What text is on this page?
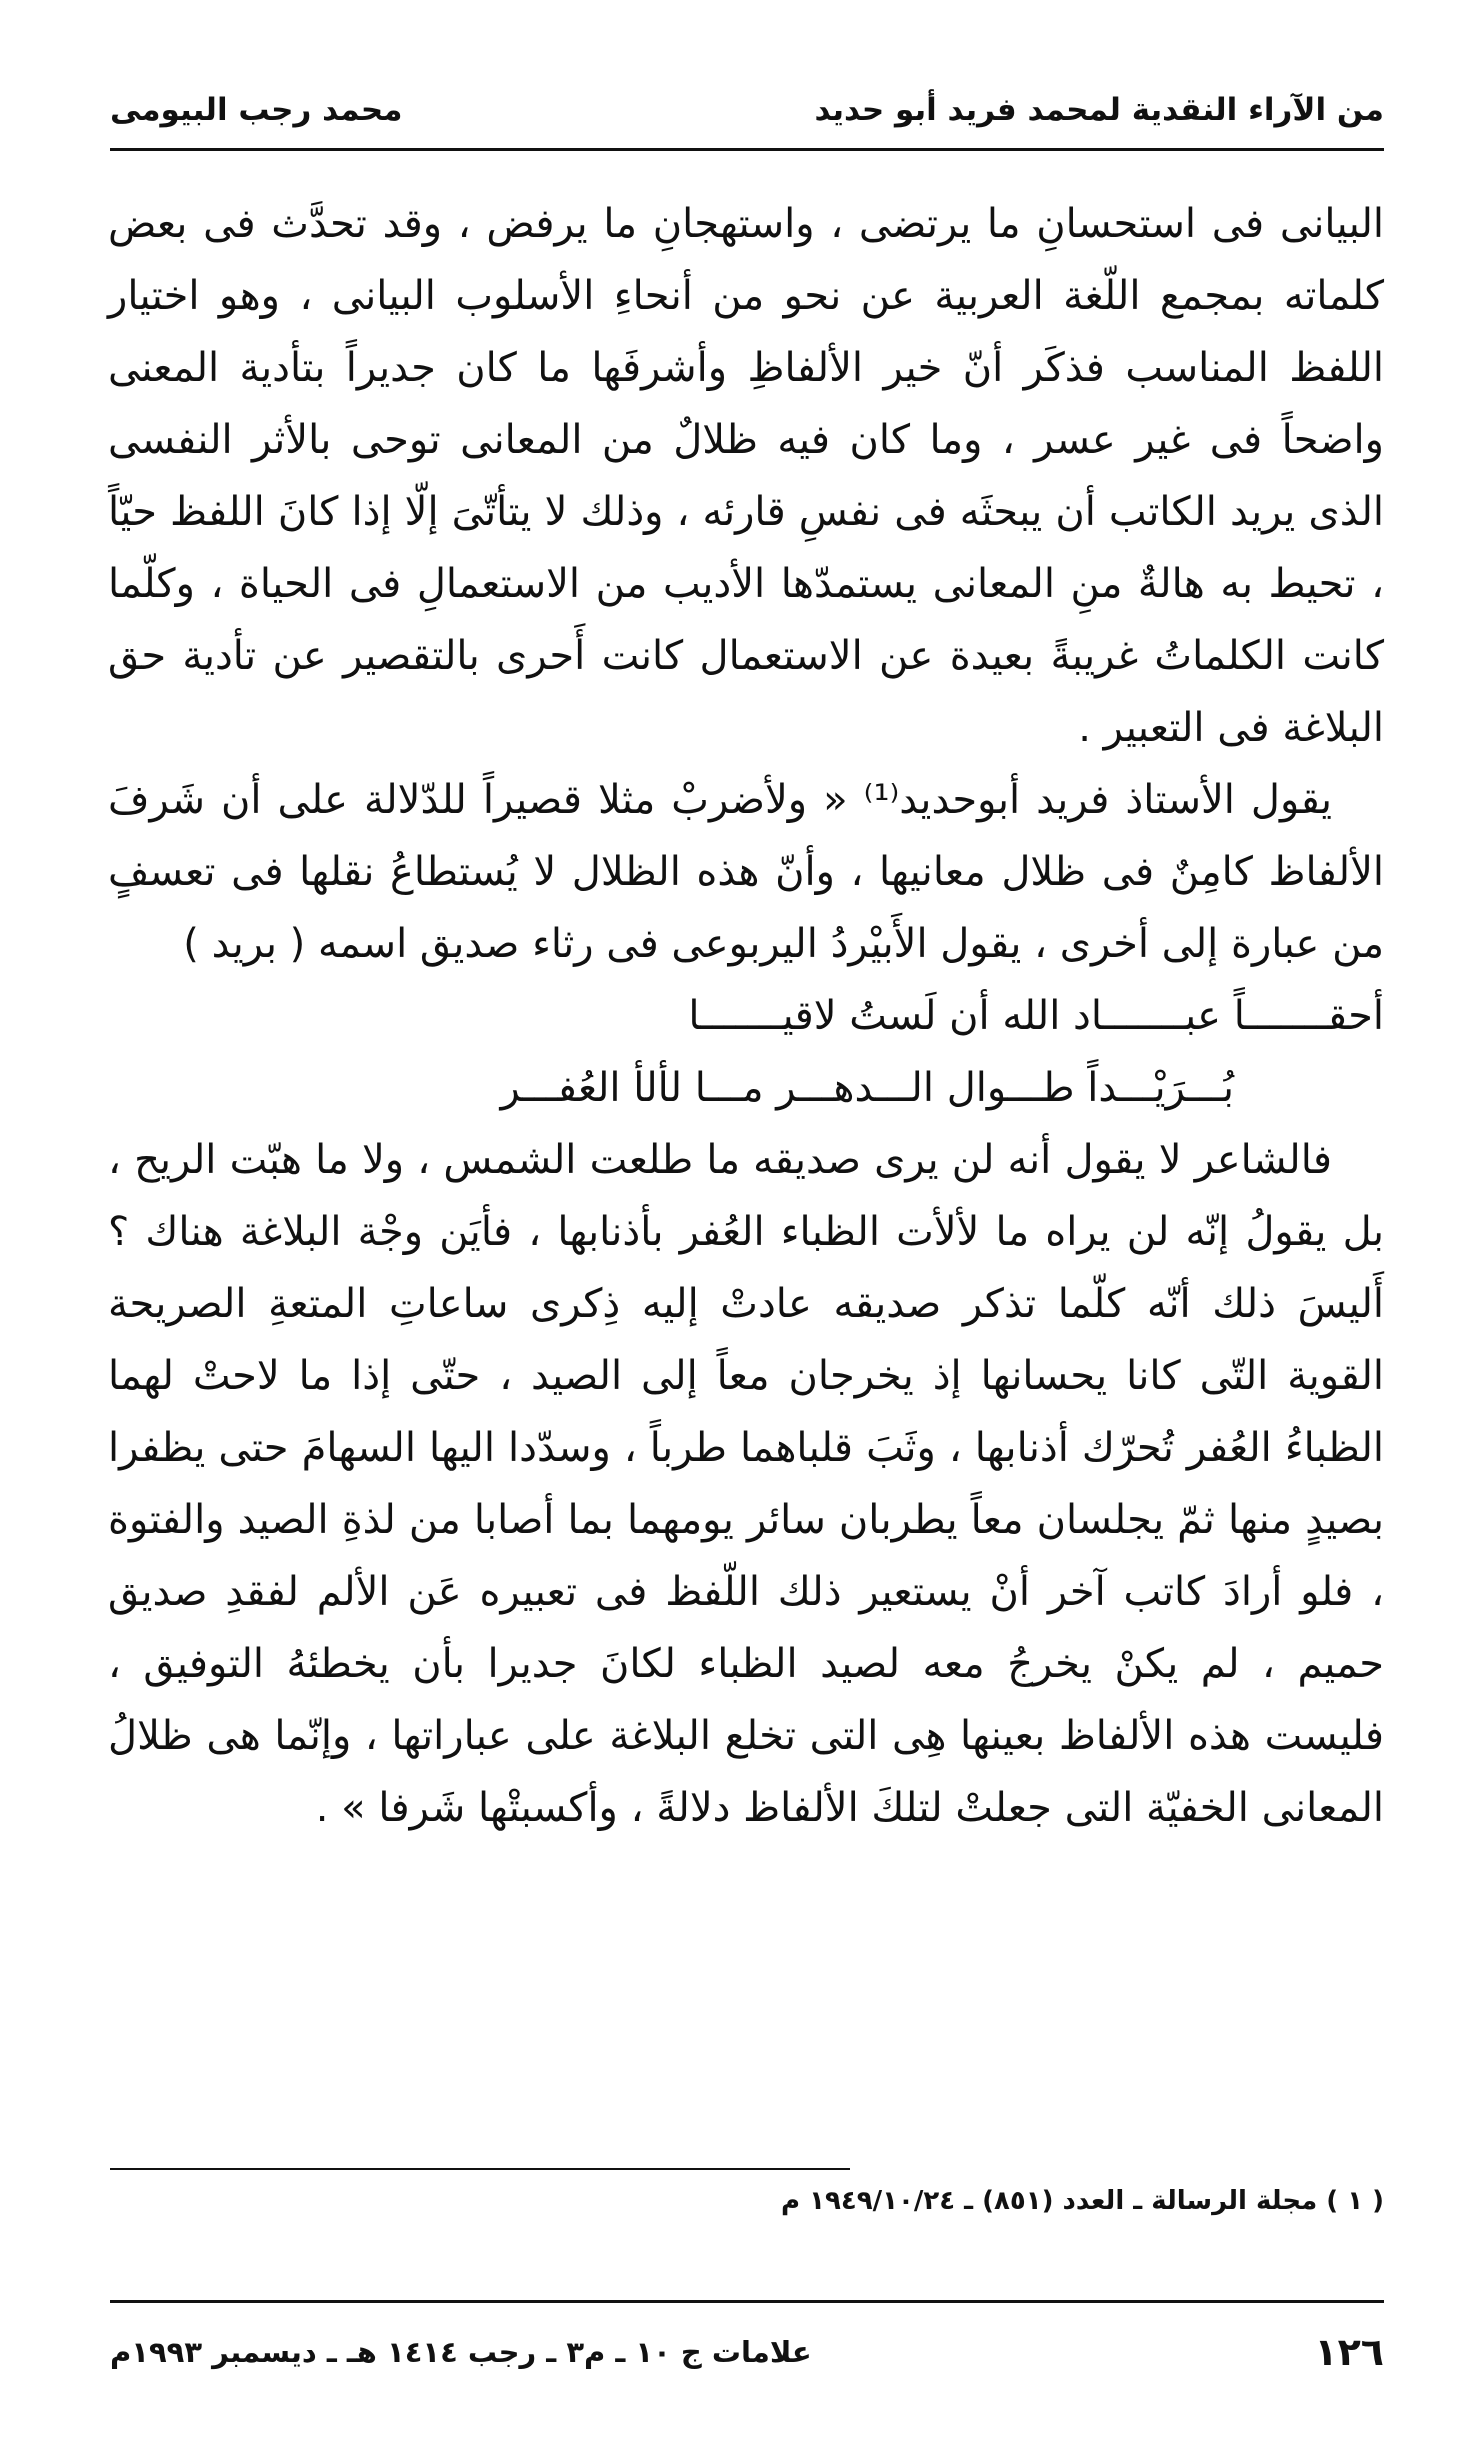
من الآراء النقدية لمحمد فريد أبو حديد
محمد رجب البيومى

البيانى فى استحسانِ ما يرتضى ، واستهجانِ ما يرفض ، وقد تحدَّث فى بعض كلماته بمجمع اللّغة العربية عن نحو من أنحاءِ الأسلوب البيانى ، وهو اختيار اللفظ المناسب فذكَر أنّ خير الألفاظِ وأشرفَها ما كان جديراً بتأدية المعنى واضحاً فى غير عسر ، وما كان فيه ظلالٌ من المعانى توحى بالأثر النفسى الذى يريد الكاتب أن يبحثَه فى نفسِ قارئه ، وذلك لا يتأتّىَ إلّا إذا كانَ اللفظ حيّاً ، تحيط به هالةٌ منِ المعانى يستمدّها الأديب من الاستعمالِ فى الحياة ، وكلّما كانت الكلماتُ غريبةً بعيدة عن الاستعمال كانت أَحرى بالتقصير عن تأدية حق البلاغة فى التعبير .

يقول الأستاذ فريد أبوحديد⁽¹⁾ « ولأضربْ مثلا قصيراً للدّلالة على أن شَرفَ الألفاظ كامِنٌ فى ظلال معانيها ، وأنّ هذه الظلال لا يُستطاعُ نقلها فى تعسفٍ من عبارة إلى أخرى ، يقول الأَبيْردُ اليربوعى فى رثاء صديق اسمه ( بريد )

أحقـــــــاً عبـــــــاد الله أن لَستُ لاقيـــــــا
بُـــرَيْـــداً طـــوال الـــدهـــر مـــا لألأ العُفـــر

فالشاعر لا يقول أنه لن يرى صديقه ما طلعت الشمس ، ولا ما هبّت الريح ، بل يقولُ إنّه لن يراه ما لألأت الظباء العُفر بأذنابها ، فأيَن وجْة البلاغة هناك ؟ أَليسَ ذلك أنّه كلّما تذكر صديقه عادتْ إليه ذِكرى ساعاتِ المتعةِ الصريحة القوية التّى كانا يحسانها إذ يخرجان معاً إلى الصيد ، حتّى إذا ما لاحتْ لهما الظباءُ العُفر تُحرّك أذنابها ، وثَبَ قلباهما طرباً ، وسدّدا اليها السهامَ حتى يظفرا بصيدٍ منها ثمّ يجلسان معاً يطربان سائر يومهما بما أصابا من لذةِ الصيد والفتوة ، فلو أرادَ كاتب آخر أنْ يستعير ذلك اللّفظ فى تعبيره عَن الألم لفقدِ صديق حميم ، لم يكنْ يخرجُ معه لصيد الظباء لكانَ جديرا بأن يخطئهُ التوفيق ، فليست هذه الألفاظ بعينها هِى التى تخلع البلاغة على عباراتها ، وإنّما هى ظلالُ المعانى الخفيّة التى جعلتْ لتلكَ الألفاظ دلالةً ، وأكسبتْها شَرفا » .

( ١ ) مجلة الرسالة ـ العدد (٨٥١) ـ ١٩٤٩/١٠/٢٤ م
١٢٦
علامات ج ١٠ ـ م٣ ـ رجب ١٤١٤ هـ ـ ديسمبر ١٩٩٣م
